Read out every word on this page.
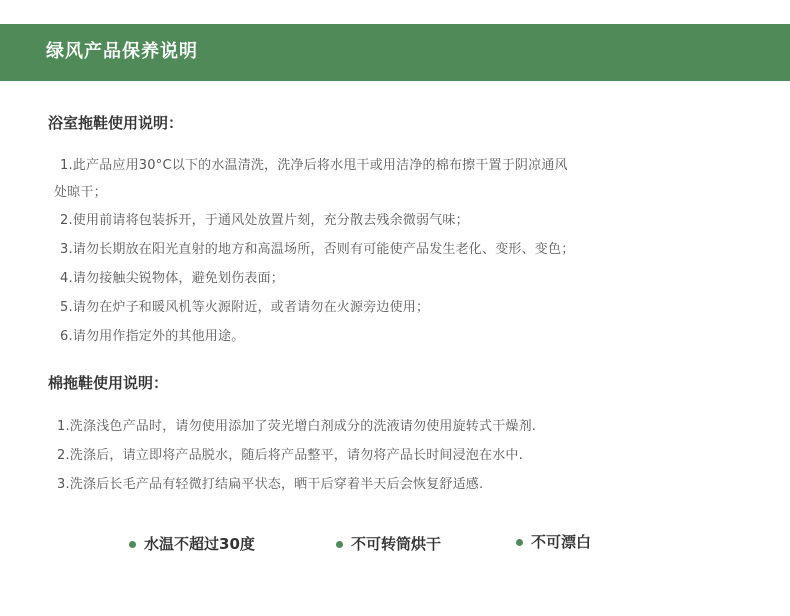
绿风产品保养说明
浴室拖鞋使用说明：
1.此产品应用30°C以下的水温清洗，洗净后将水甩干或用洁净的棉布擦干置于阴凉通风
处晾干；
2.使用前请将包装拆开，于通风处放置片刻，充分散去残余微弱气味；
3.请勿长期放在阳光直射的地方和高温场所，否则有可能使产品发生老化、变形、变色；
4.请勿接触尖锐物体，避免划伤表面；
5.请勿在炉子和暖风机等火源附近，或者请勿在火源旁边使用；
6.请勿用作指定外的其他用途。
棉拖鞋使用说明：
1.洗涤浅色产品时，请勿使用添加了荧光增白剂成分的洗液请勿使用旋转式干燥剂.
2.洗涤后，请立即将产品脱水，随后将产品整平，请勿将产品长时间浸泡在水中.
3.洗涤后长毛产品有轻微打结扁平状态，晒干后穿着半天后会恢复舒适感.
水温不超过30度	不可转筒烘干	不可漂白
